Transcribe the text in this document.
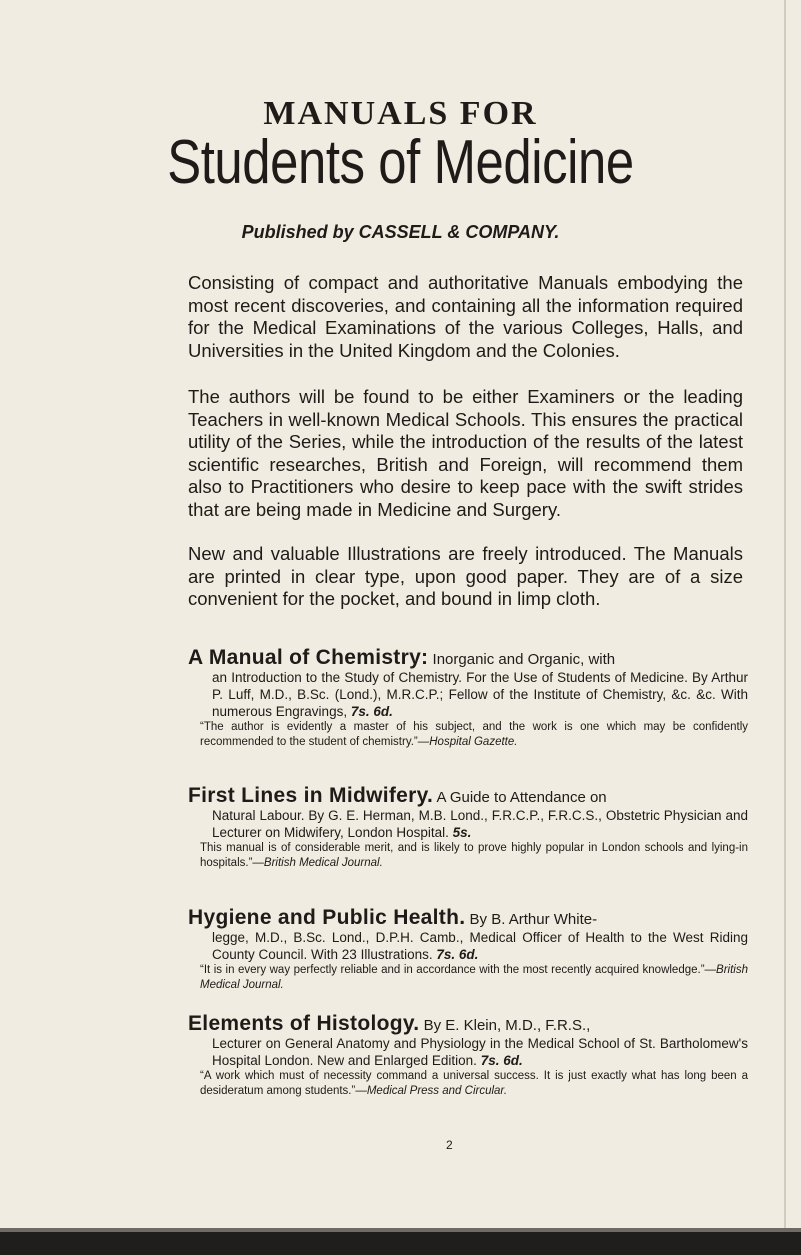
MANUALS FOR
Students of Medicine
Published by CASSELL & COMPANY.

Consisting of compact and authoritative Manuals embodying the most recent discoveries, and containing all the information required for the Medical Examinations of the various Colleges, Halls, and Universities in the United Kingdom and the Colonies.

The authors will be found to be either Examiners or the leading Teachers in well-known Medical Schools. This ensures the practical utility of the Series, while the introduction of the results of the latest scientific researches, British and Foreign, will recommend them also to Practitioners who desire to keep pace with the swift strides that are being made in Medicine and Surgery.

New and valuable Illustrations are freely introduced. The Manuals are printed in clear type, upon good paper. They are of a size convenient for the pocket, and bound in limp cloth.

A Manual of Chemistry: Inorganic and Organic, with
an Introduction to the Study of Chemistry. For the Use of Students of Medicine. By Arthur P. Luff, M.D., B.Sc. (Lond.), M.R.C.P.; Fellow of the Institute of Chemistry, &c. &c. With numerous Engravings, 7s. 6d.
“The author is evidently a master of his subject, and the work is one which may be confidently recommended to the student of chemistry.”—Hospital Gazette.
First Lines in Midwifery. A Guide to Attendance on
Natural Labour. By G. E. Herman, M.B. Lond., F.R.C.P., F.R.C.S., Obstetric Physician and Lecturer on Midwifery, London Hospital. 5s.
This manual is of considerable merit, and is likely to prove highly popular in London schools and lying-in hospitals.”—British Medical Journal.
Hygiene and Public Health. By B. Arthur White-
legge, M.D., B.Sc. Lond., D.P.H. Camb., Medical Officer of Health to the West Riding County Council. With 23 Illustrations. 7s. 6d.
“It is in every way perfectly reliable and in accordance with the most recently acquired knowledge.”—British Medical Journal.
Elements of Histology. By E. Klein, M.D., F.R.S.,
Lecturer on General Anatomy and Physiology in the Medical School of St. Bartholomew's Hospital London. New and Enlarged Edition. 7s. 6d.
“A work which must of necessity command a universal success. It is just exactly what has long been a desideratum among students.”—Medical Press and Circular.
2
